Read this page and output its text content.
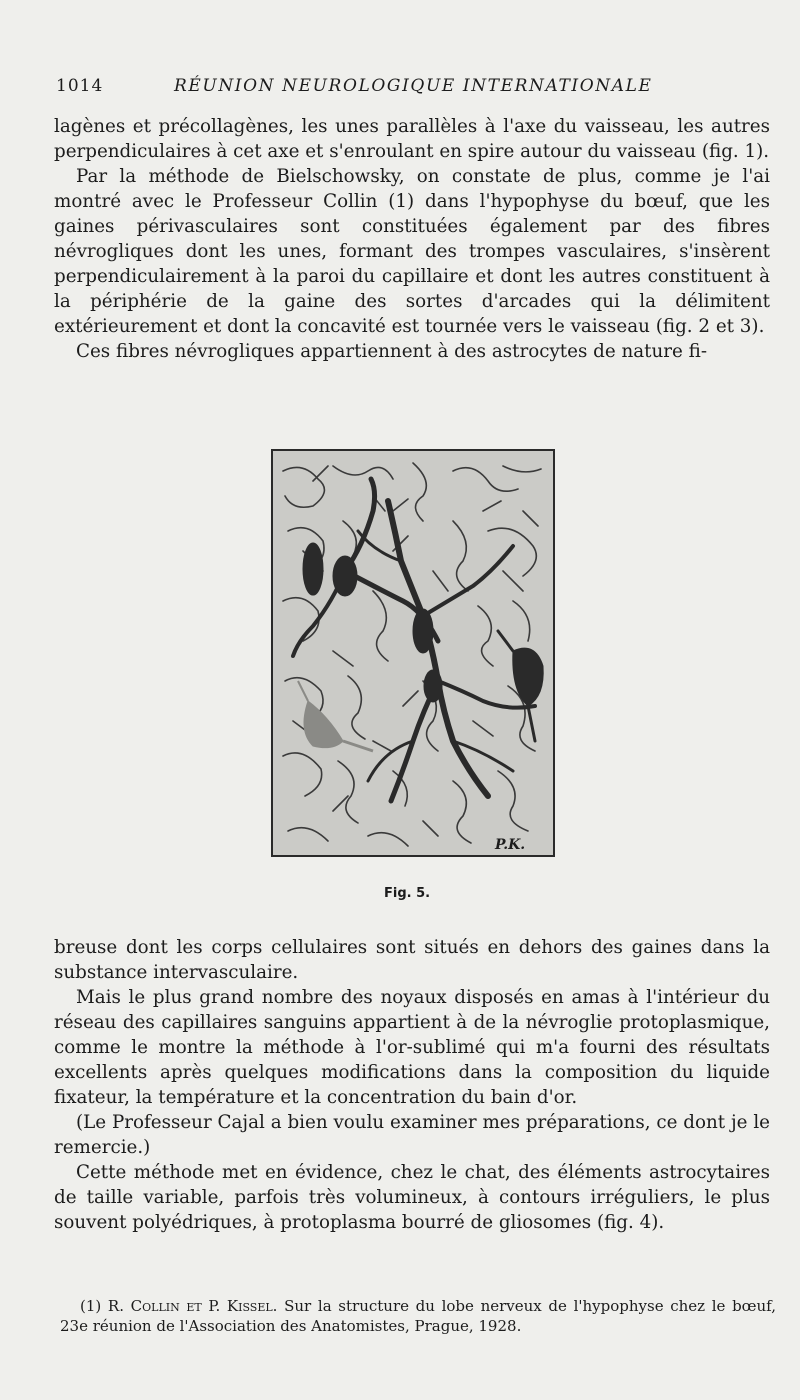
1014	RÉUNION NEUROLOGIQUE INTERNATIONALE

lagènes et précollagènes, les unes parallèles à l'axe du vaisseau, les autres perpendiculaires à cet axe et s'enroulant en spire autour du vaisseau (fig. 1).

Par la méthode de Bielschowsky, on constate de plus, comme je l'ai montré avec le Professeur Collin (1) dans l'hypophyse du bœuf, que les gaines périvasculaires sont constituées également par des fibres névrogliques dont les unes, formant des trompes vasculaires, s'insèrent perpendiculairement à la paroi du capillaire et dont les autres constituent à la périphérie de la gaine des sortes d'arcades qui la délimitent extérieurement et dont la concavité est tournée vers le vaisseau (fig. 2 et 3).

Ces fibres névrogliques appartiennent à des astrocytes de nature fi-

P.K.
Fig. 5.

breuse dont les corps cellulaires sont situés en dehors des gaines dans la substance intervasculaire.

Mais le plus grand nombre des noyaux disposés en amas à l'intérieur du réseau des capillaires sanguins appartient à de la névroglie protoplasmique, comme le montre la méthode à l'or-sublimé qui m'a fourni des résultats excellents après quelques modifications dans la composition du liquide fixateur, la température et la concentration du bain d'or.

(Le Professeur Cajal a bien voulu examiner mes préparations, ce dont je le remercie.)

Cette méthode met en évidence, chez le chat, des éléments astrocytaires de taille variable, parfois très volumineux, à contours irréguliers, le plus souvent polyédriques, à protoplasma bourré de gliosomes (fig. 4).

(1) R. Collin et P. Kissel. Sur la structure du lobe nerveux de l'hypophyse chez le bœuf, 23e réunion de l'Association des Anatomistes, Prague, 1928.
